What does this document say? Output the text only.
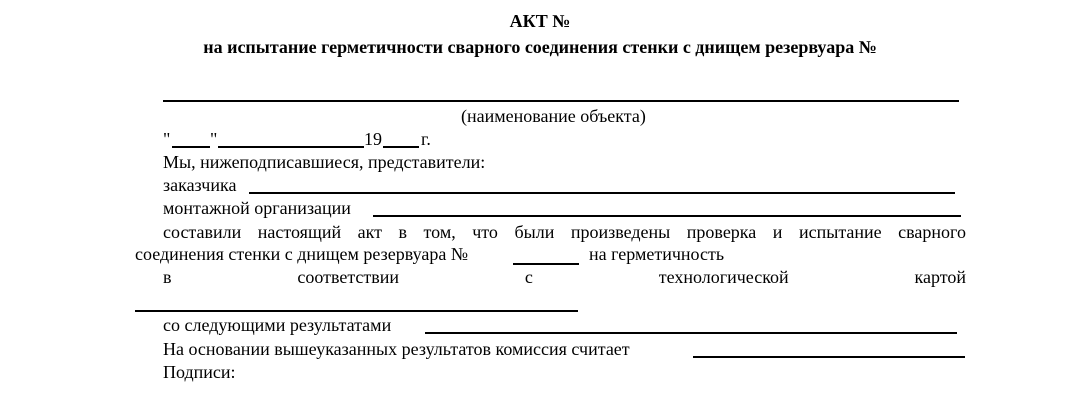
АКТ №
на испытание герметичности сварного соединения стенки с днищем резервуара №
(наименование объекта)
" "	19 г.
Мы, нижеподписавшиеся, представители:
заказчика
монтажной организации
составили настоящий акт в том, что были произведены проверка и испытание сварного
соединения стенки с днищем резервуара №	на герметичность
в	соответствии	с	технологической	картой
со следующими результатами
На основании вышеуказанных результатов комиссия считает
Подписи:
